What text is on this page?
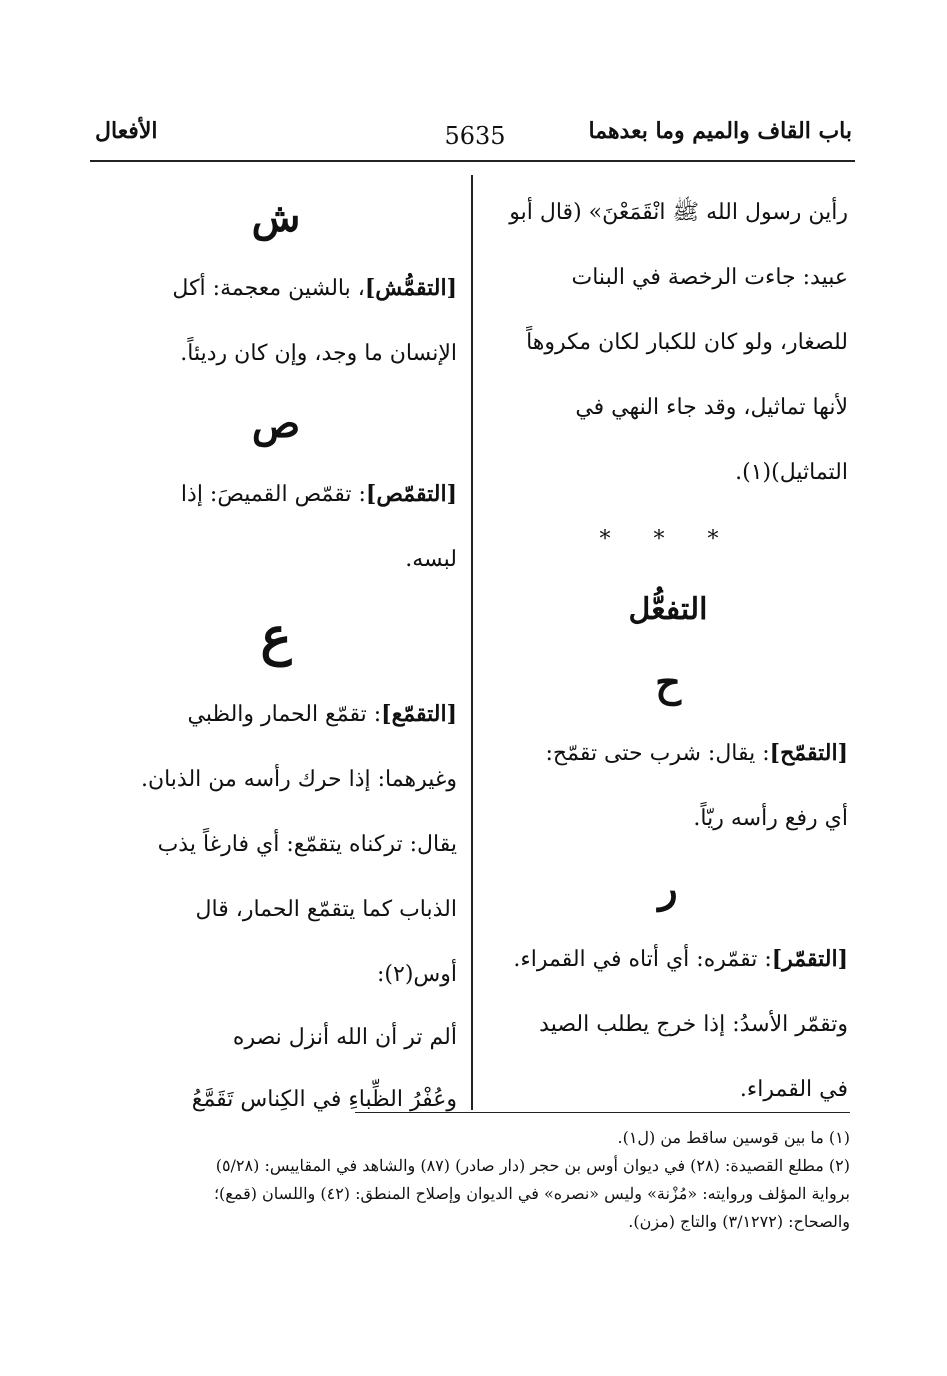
باب القاف والميم وما بعدهما
5635
الأفعال
رأين رسول الله ﷺ انْقَمَعْنَ» (قال أبو
عبيد: جاءت الرخصة في البنات
للصغار، ولو كان للكبار لكان مكروهاً
لأنها تماثيل، وقد جاء النهي في
التماثيل)(١).
* * *
التفعُّل
ح
[التقمّح]: يقال: شرب حتى تقمّح:
أي رفع رأسه ريّاً.
ر
[التقمّر]: تقمّره: أي أتاه في القمراء.
وتقمّر الأسدُ: إذا خرج يطلب الصيد
في القمراء.
ش
[التقمُّش]، بالشين معجمة: أكل
الإنسان ما وجد، وإن كان رديئاً.
ص
[التقمّص]: تقمّص القميصَ: إذا
لبسه.
ع
[التقمّع]: تقمّع الحمار والظبي
وغيرهما: إذا حرك رأسه من الذبان.
يقال: تركناه يتقمّع: أي فارغاً يذب
الذباب كما يتقمّع الحمار، قال
أوس(٢):
ألم تر أن الله أنزل نصره
وعُفْرُ الظِّباءِ في الكِناس تَقَمَّعُ
(١) ما بين قوسين ساقط من (ل١).
(٢) مطلع القصيدة: (٢٨) في ديوان أوس بن حجر (دار صادر) (٨٧) والشاهد في المقاييس: (٥/٢٨)
برواية المؤلف وروايته: «مُزْنة» وليس «نصره» في الديوان وإصلاح المنطق: (٤٢) واللسان (قمع)؛
والصحاح: (٣/١٢٧٢) والتاج (مزن).
